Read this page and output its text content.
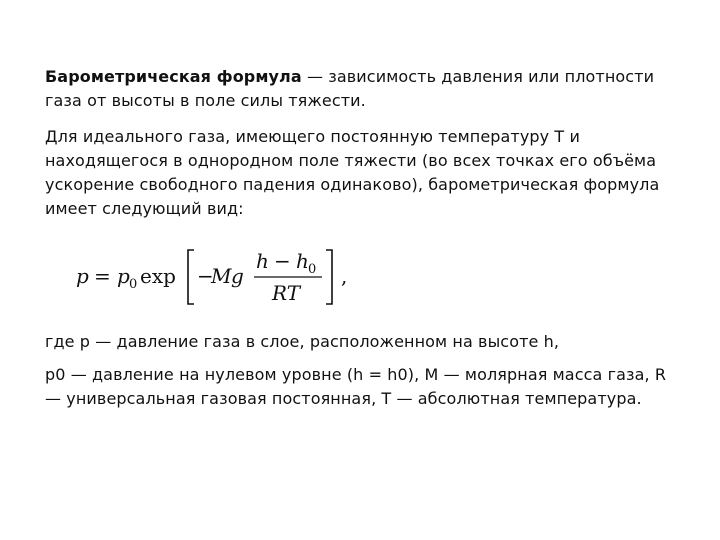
Барометрическая формула — зависимость давления или плотности газа от высоты в поле силы тяжести.

Для идеального газа, имеющего постоянную температуру T и находящегося в однородном поле тяжести (во всех точках его объёма ускорение свободного падения одинаково), барометрическая формула имеет следующий вид:

p = p 0 exp −
M g
h − h 0
RT
,

где p — давление газа в слое, расположенном на высоте h,

p0 — давление на нулевом уровне (h = h0), M — молярная масса газа, R — универсальная газовая постоянная, T — абсолютная температура.
